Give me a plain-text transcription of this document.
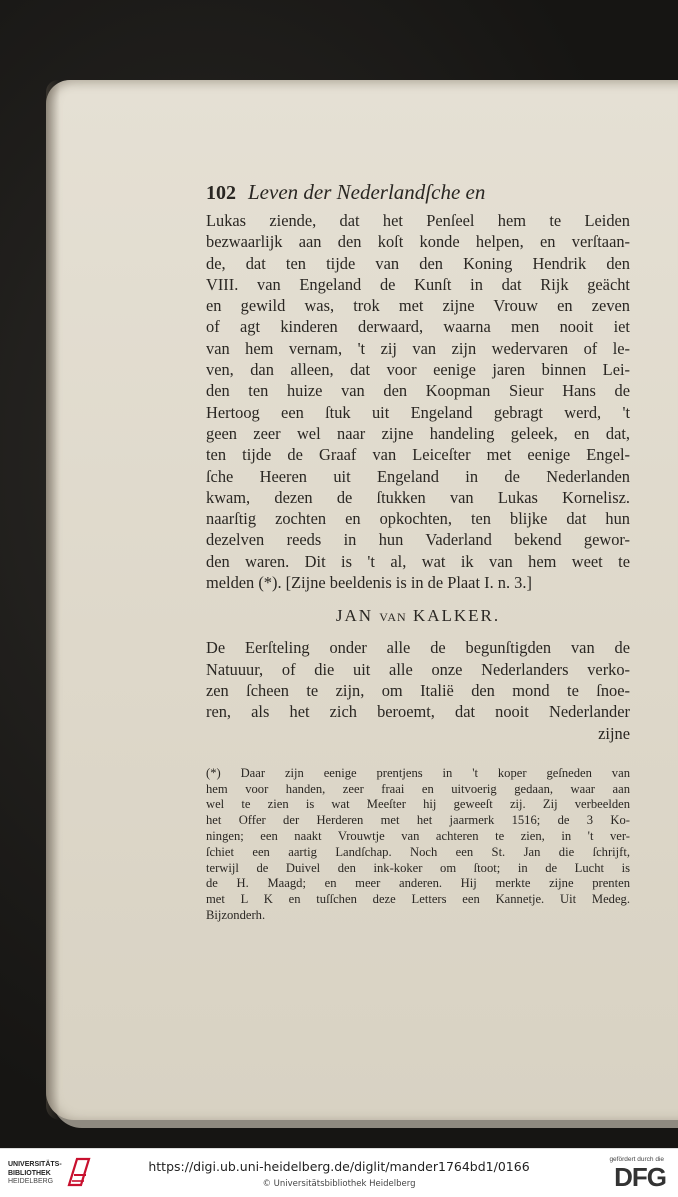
102 Leven der Nederlandſche en

Lukas ziende, dat het Penſeel hem te Leiden
bezwaarlijk aan den koſt konde helpen, en verſtaan-
de, dat ten tijde van den Koning Hendrik den
VIII. van Engeland de Kunſt in dat Rijk geächt
en gewild was, trok met zijne Vrouw en zeven
of agt kinderen derwaard, waarna men nooit iet
van hem vernam, 't zij van zijn wedervaren of le-
ven, dan alleen, dat voor eenige jaren binnen Lei-
den ten huize van den Koopman Sieur Hans de
Hertoog een ſtuk uit Engeland gebragt werd, 't
geen zeer wel naar zijne handeling geleek, en dat,
ten tijde de Graaf van Leiceſter met eenige Engel-
ſche Heeren uit Engeland in de Nederlanden
kwam, dezen de ſtukken van Lukas Kornelisz.
naarſtig zochten en opkochten, ten blijke dat hun
dezelven reeds in hun Vaderland bekend gewor-
den waren. Dit is 't al, wat ik van hem weet te
melden (*). [Zijne beeldenis is in de Plaat I. n. 3.]

JAN VAN KALKER.

De Eerſteling onder alle de begunſtigden van de
Natuuur, of die uit alle onze Nederlanders verko-
zen ſcheen te zijn, om Italië den mond te ſnoe-
ren, als het zich beroemt, dat nooit Nederlander
zijne

(*) Daar zijn eenige prentjens in 't koper geſneden van
hem voor handen, zeer fraai en uitvoerig gedaan, waar aan
wel te zien is wat Meeſter hij geweeſt zij. Zij verbeelden
het Offer der Herderen met het jaarmerk 1516; de 3 Ko-
ningen; een naakt Vrouwtje van achteren te zien, in 't ver-
ſchiet een aartig Landſchap. Noch een St. Jan die ſchrijft,
terwijl de Duivel den ink-koker om ſtoot; in de Lucht is
de H. Maagd; en meer anderen. Hij merkte zijne prenten
met L K en tuſſchen deze Letters een Kannetje. Uit Medeg.
Bijzonderh.
UNIVERSITÄTS-
BIBLIOTHEK
HEIDELBERG
https://digi.ub.uni-heidelberg.de/diglit/mander1764bd1/0166
© Universitätsbibliothek Heidelberg
gefördert durch die
DFG
